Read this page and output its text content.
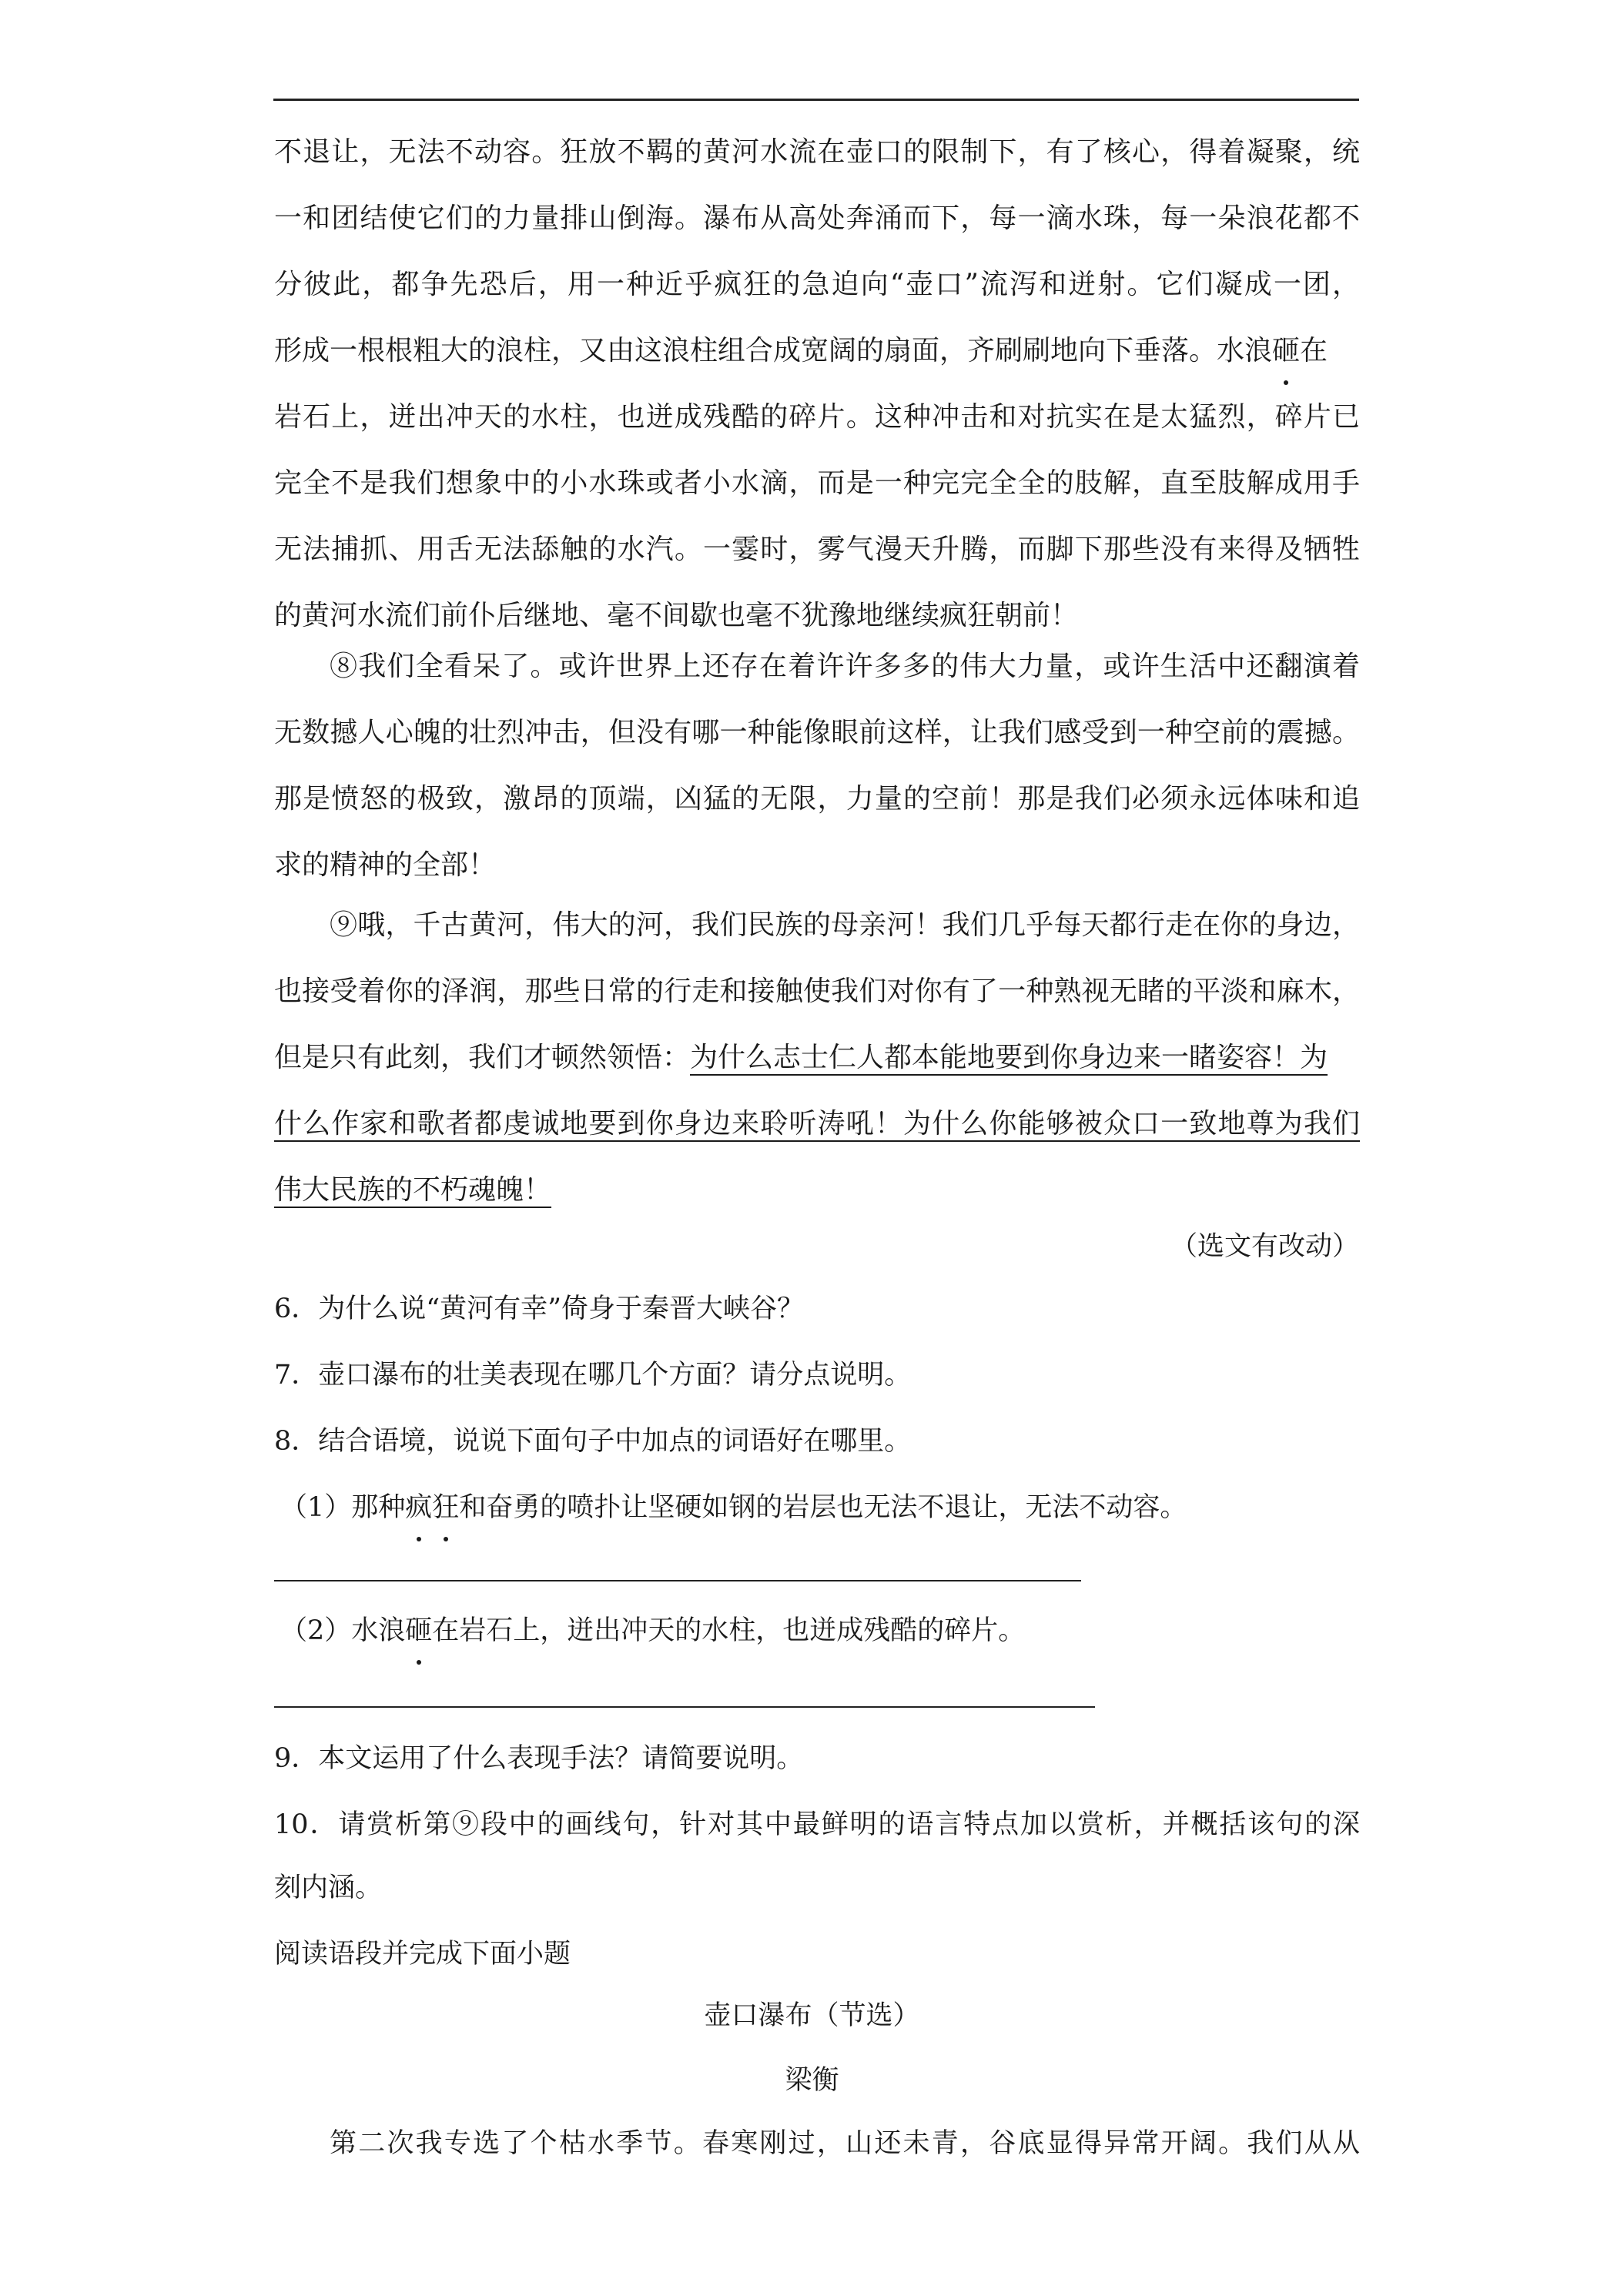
不退让，无法不动容。狂放不羁的黄河水流在壶口的限制下，有了核心，得着凝聚，统
一和团结使它们的力量排山倒海。瀑布从高处奔涌而下，每一滴水珠，每一朵浪花都不
分彼此，都争先恐后，用一种近乎疯狂的急迫向“壶口”流泻和迸射。它们凝成一团，
形成一根根粗大的浪柱，又由这浪柱组合成宽阔的扇面，齐刷刷地向下垂落。水浪砸在
岩石上，迸出冲天的水柱，也迸成残酷的碎片。这种冲击和对抗实在是太猛烈，碎片已
完全不是我们想象中的小水珠或者小水滴，而是一种完完全全的肢解，直至肢解成用手
无法捕抓、用舌无法舔触的水汽。一霎时，雾气漫天升腾，而脚下那些没有来得及牺牲
的黄河水流们前仆后继地、毫不间歇也毫不犹豫地继续疯狂朝前！
⑧我们全看呆了。或许世界上还存在着许许多多的伟大力量，或许生活中还翻演着
无数撼人心魄的壮烈冲击，但没有哪一种能像眼前这样，让我们感受到一种空前的震撼。
那是愤怒的极致，激昂的顶端，凶猛的无限，力量的空前！那是我们必须永远体味和追
求的精神的全部！
⑨哦，千古黄河，伟大的河，我们民族的母亲河！我们几乎每天都行走在你的身边，
也接受着你的泽润，那些日常的行走和接触使我们对你有了一种熟视无睹的平淡和麻木，
但是只有此刻，我们才顿然领悟：为什么志士仁人都本能地要到你身边来一睹姿容！为
什么作家和歌者都虔诚地要到你身边来聆听涛吼！为什么你能够被众口一致地尊为我们
伟大民族的不朽魂魄！
（选文有改动）
6．为什么说“黄河有幸”倚身于秦晋大峡谷？
7．壶口瀑布的壮美表现在哪几个方面？请分点说明。
8．结合语境，说说下面句子中加点的词语好在哪里。
（1）那种疯狂和奋勇的喷扑让坚硬如钢的岩层也无法不退让，无法不动容。
（2）水浪砸在岩石上，迸出冲天的水柱，也迸成残酷的碎片。
9．本文运用了什么表现手法？请简要说明。
10．请赏析第⑨段中的画线句，针对其中最鲜明的语言特点加以赏析，并概括该句的深
刻内涵。
阅读语段并完成下面小题
壶口瀑布（节选）
梁衡
第二次我专选了个枯水季节。春寒刚过，山还未青，谷底显得异常开阔。我们从从
